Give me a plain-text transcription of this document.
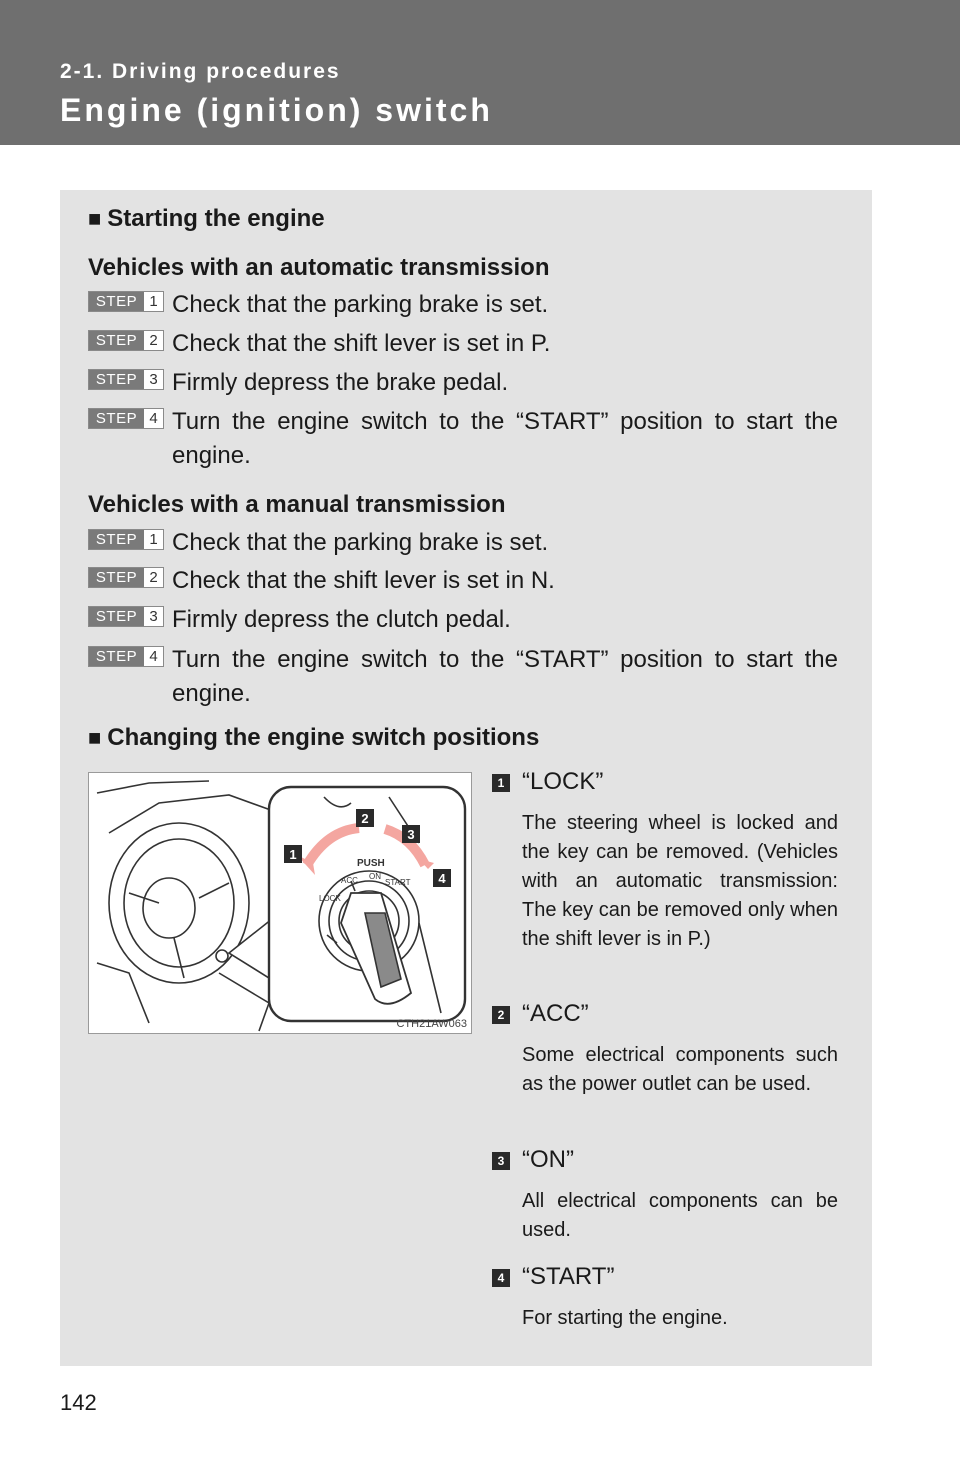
2-1. Driving procedures
Engine (ignition) switch
■ Starting the engine
Vehicles with an automatic transmission
STEP 1 Check that the parking brake is set.
STEP 2 Check that the shift lever is set in P.
STEP 3 Firmly depress the brake pedal.
STEP 4 Turn the engine switch to the “START” position to start the engine.
Vehicles with a manual transmission
STEP 1 Check that the parking brake is set.
STEP 2 Check that the shift lever is set in N.
STEP 3 Firmly depress the clutch pedal.
STEP 4 Turn the engine switch to the “START” position to start the engine.
■ Changing the engine switch positions
PUSH
LOCK
ACC ON
START
1
2
3
4
CTH21AW063
1 “LOCK”
The steering wheel is locked and the key can be removed. (Vehicles with an automatic transmission: The key can be removed only when the shift lever is in P.)
2 “ACC”
Some electrical components such as the power outlet can be used.
3 “ON”
All electrical components can be used.
4 “START”
For starting the engine.
142
